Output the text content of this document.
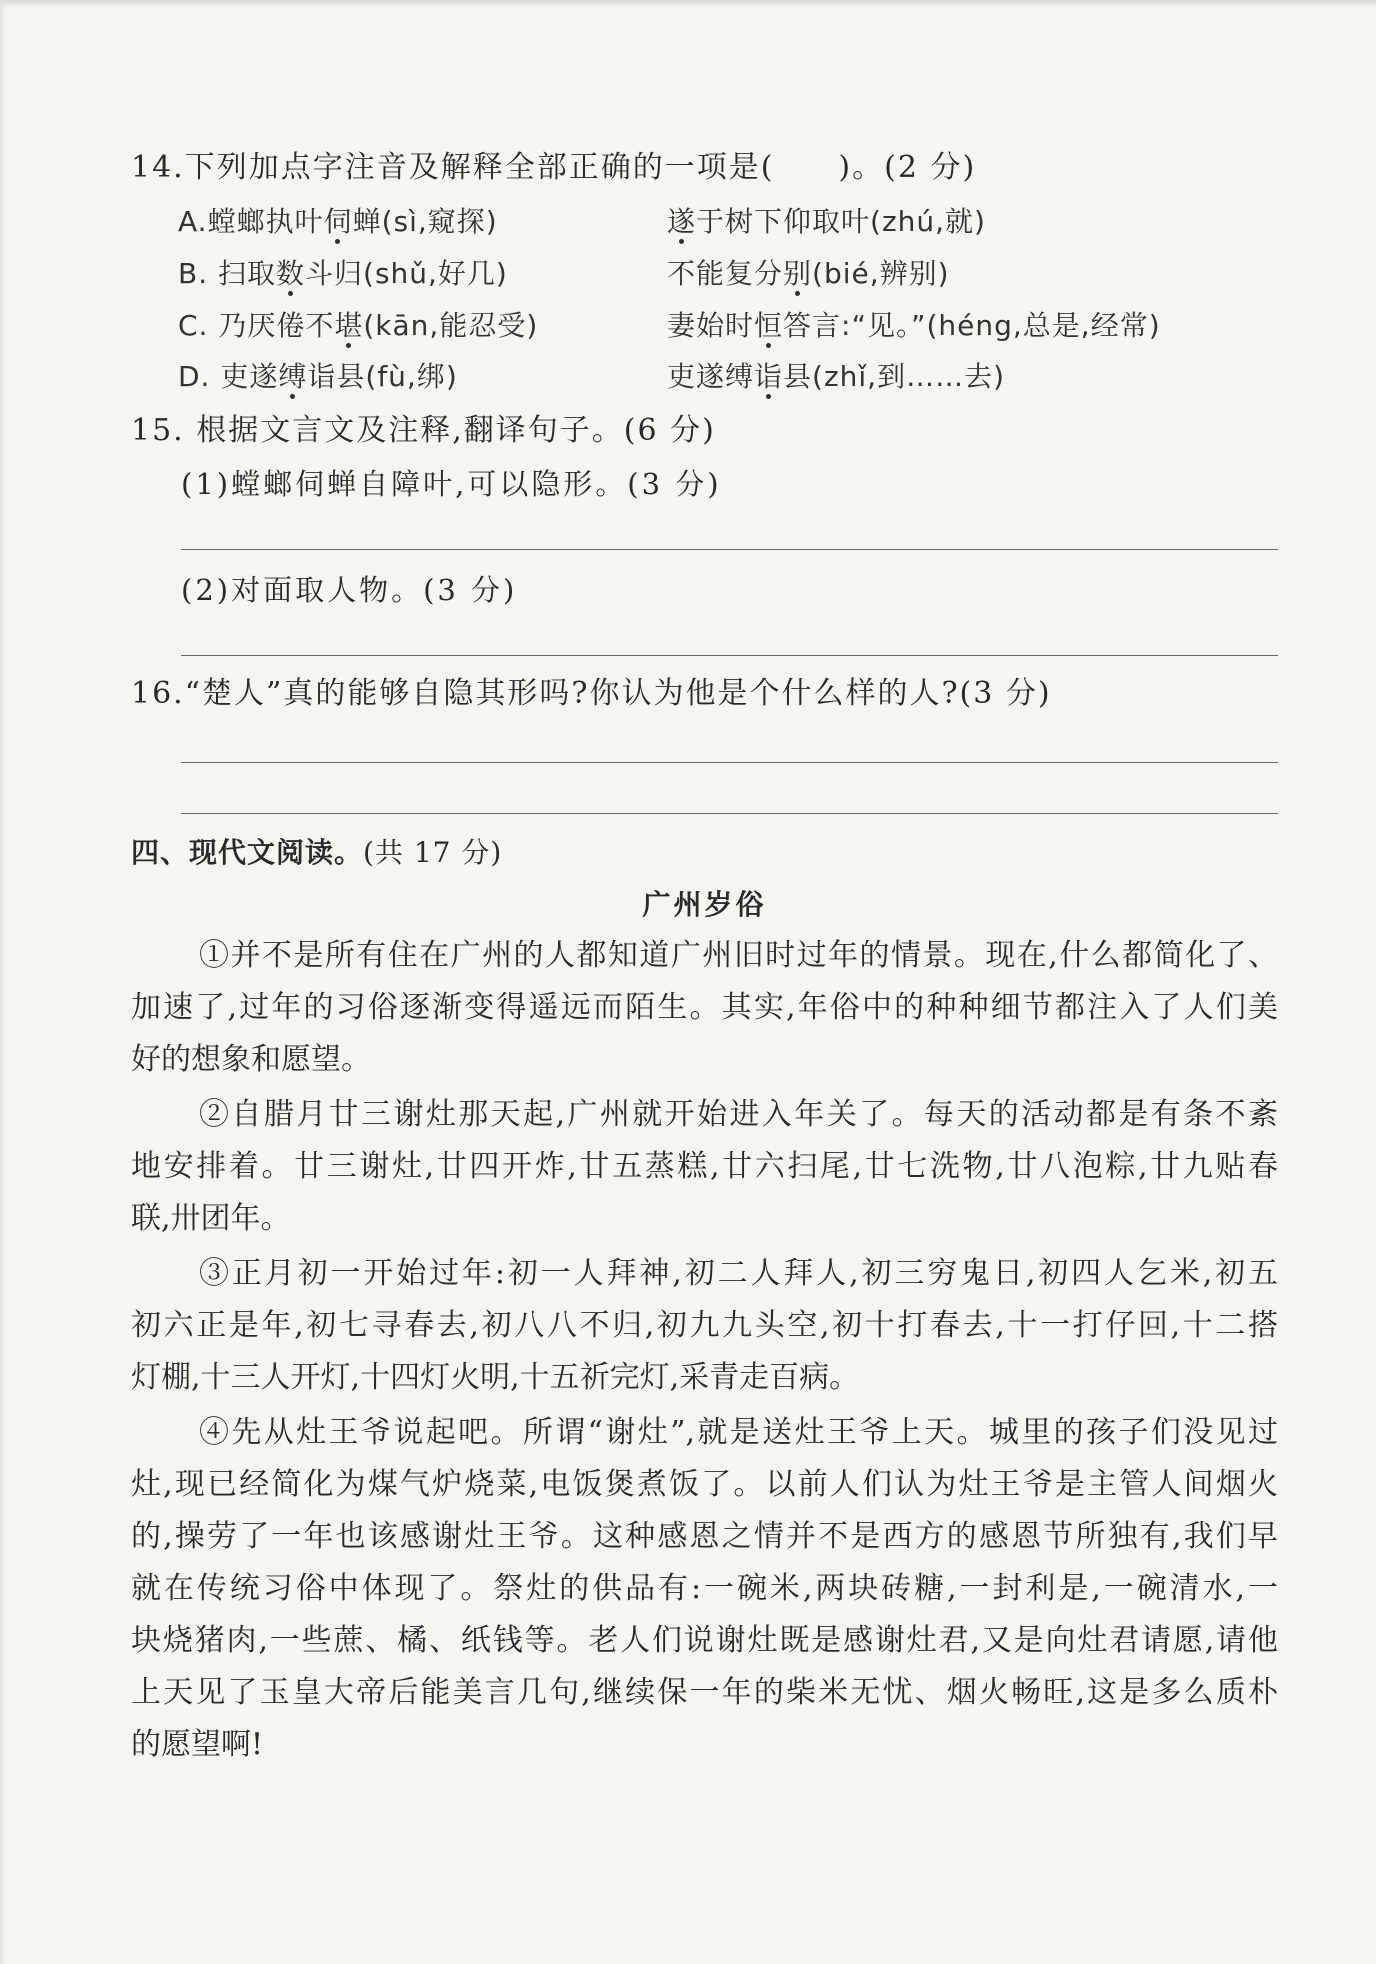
14.下列加点字注音及解释全部正确的一项是(　　)。(2 分)
A.螳螂执叶伺蝉(sì,窥探)	遂于树下仰取叶(zhú,就)
B. 扫取数斗归(shǔ,好几)	不能复分别(bié,辨别)
C. 乃厌倦不堪(kān,能忍受)	妻始时恒答言:“见。”(héng,总是,经常)
D. 吏遂缚诣县(fù,绑)	吏遂缚诣县(zhǐ,到……去)
15. 根据文言文及注释,翻译句子。(6 分)
(1)螳螂伺蝉自障叶,可以隐形。(3 分)
(2)对面取人物。(3 分)
16.“楚人”真的能够自隐其形吗?你认为他是个什么样的人?(3 分)
四、现代文阅读。(共 17 分)
广州岁俗
①并不是所有住在广州的人都知道广州旧时过年的情景。现在,什么都简化了、
加速了,过年的习俗逐渐变得遥远而陌生。其实,年俗中的种种细节都注入了人们美
好的想象和愿望。
②自腊月廿三谢灶那天起,广州就开始进入年关了。每天的活动都是有条不紊
地安排着。廿三谢灶,廿四开炸,廿五蒸糕,廿六扫尾,廿七洗物,廿八泡粽,廿九贴春
联,卅团年。
③正月初一开始过年:初一人拜神,初二人拜人,初三穷鬼日,初四人乞米,初五
初六正是年,初七寻春去,初八八不归,初九九头空,初十打春去,十一打仔回,十二搭
灯棚,十三人开灯,十四灯火明,十五祈完灯,采青走百病。
④先从灶王爷说起吧。所谓“谢灶”,就是送灶王爷上天。城里的孩子们没见过
灶,现已经简化为煤气炉烧菜,电饭煲煮饭了。以前人们认为灶王爷是主管人间烟火
的,操劳了一年也该感谢灶王爷。这种感恩之情并不是西方的感恩节所独有,我们早
就在传统习俗中体现了。祭灶的供品有:一碗米,两块砖糖,一封利是,一碗清水,一
块烧猪肉,一些蔗、橘、纸钱等。老人们说谢灶既是感谢灶君,又是向灶君请愿,请他
上天见了玉皇大帝后能美言几句,继续保一年的柴米无忧、烟火畅旺,这是多么质朴
的愿望啊!
